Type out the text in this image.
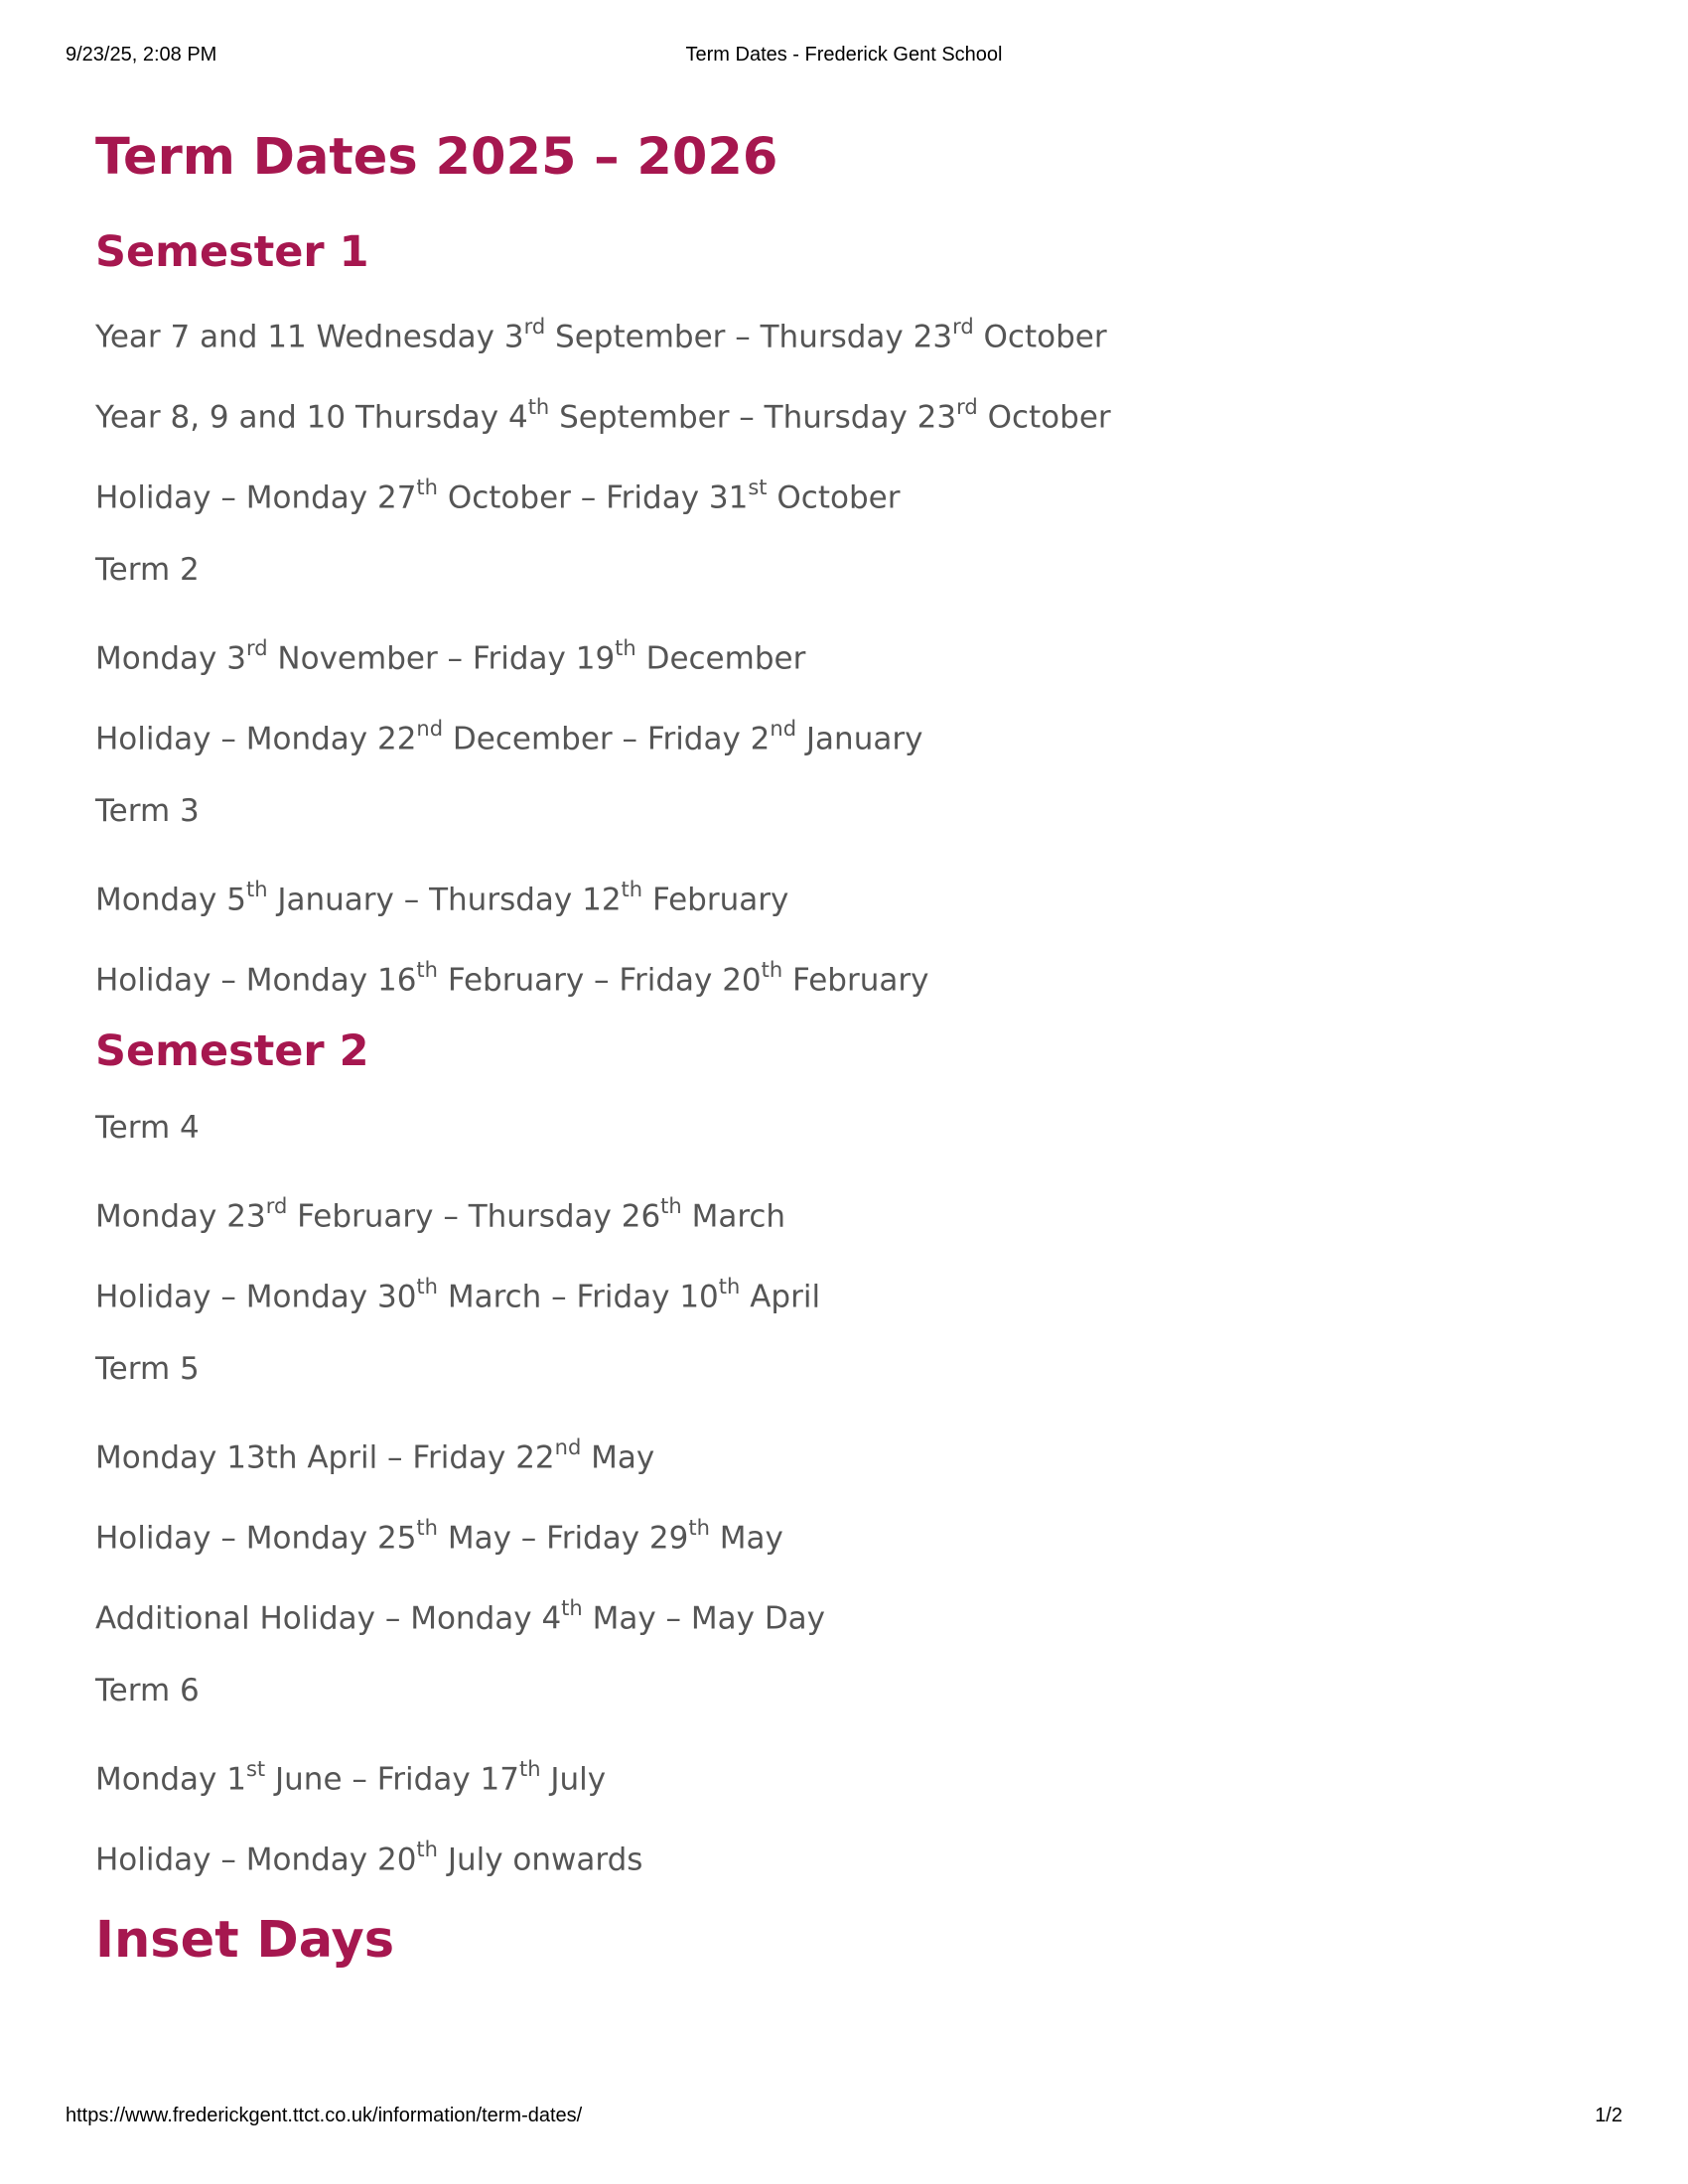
9/23/25, 2:08 PM	Term Dates - Frederick Gent School
Term Dates 2025 – 2026
Semester 1

Year 7 and 11 Wednesday 3rd September – Thursday 23rd October

Year 8, 9 and 10 Thursday 4th September – Thursday 23rd October

Holiday – Monday 27th October – Friday 31st October

Term 2

Monday 3rd November – Friday 19th December

Holiday – Monday 22nd December – Friday 2nd January

Term 3

Monday 5th January – Thursday 12th February

Holiday – Monday 16th February – Friday 20th February

Semester 2

Term 4

Monday 23rd February – Thursday 26th March

Holiday – Monday 30th March – Friday 10th April

Term 5

Monday 13th April – Friday 22nd May

Holiday – Monday 25th May – Friday 29th May

Additional Holiday – Monday 4th May – May Day

Term 6

Monday 1st June – Friday 17th July

Holiday – Monday 20th July onwards

Inset Days
https://www.frederickgent.ttct.co.uk/information/term-dates/	1/2
